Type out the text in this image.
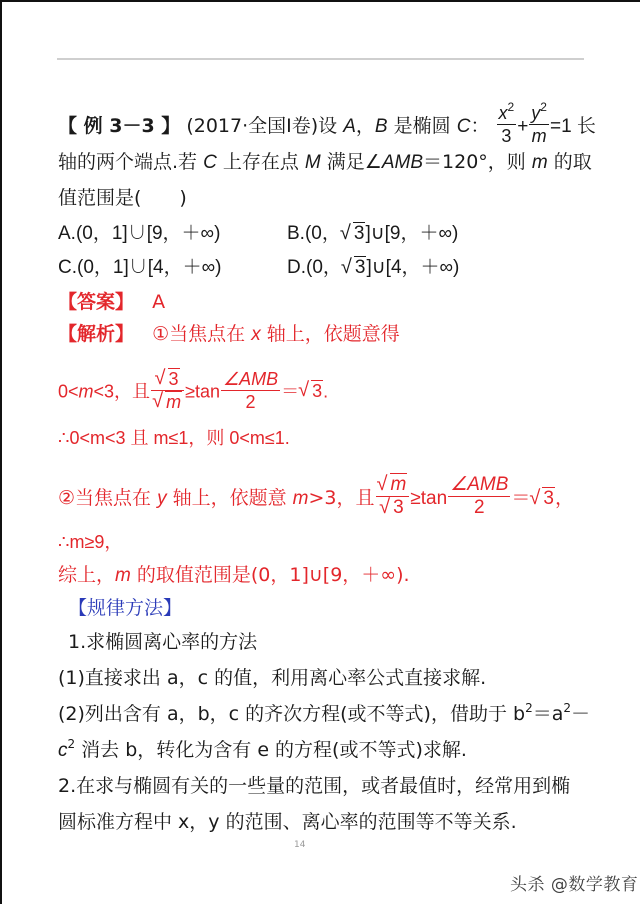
【 例 3－3 】 (2017·全国Ⅰ卷)设 A，B 是椭圆 C： $\frac{x^2}{3} + \frac{y^2}{m} =1$ 长
轴的两个端点.若 C 上存在点 M 满足∠AMB＝120°，则 m 的取
值范围是(　　)
A.(0，1]∪[9，＋∞)	B.(0， √ 3]∪[9，＋∞)
C.(0，1]∪[4，＋∞)	D.(0， √ 3]∪[4，＋∞)
【答案】 A
【解析】 ①当焦点在 x 轴上，依题意得
0<m<3，且 √ 3
√ $m \ge\tan \frac{\text{∠AMB}}{2}$ ＝ √ 3.
∴0<m<3 且 m≤1，则 0<m≤1.
②当焦点在 y 轴上，依题意 m>3，且 √ m
√ $3 \ge\tan \frac{\text{∠AMB}}{2}$ ＝ √ 3，
∴m≥9，
综上，m 的取值范围是(0，1]∪[9，＋∞).
【规律方法】
1.求椭圆离心率的方法
(1)直接求出 a，c 的值，利用离心率公式直接求解.
(2)列出含有 a，b，c 的齐次方程(或不等式)，借助于 $b^2=a^2-$
$c^2$ 消去 b，转化为含有 e 的方程(或不等式)求解.
2.在求与椭圆有关的一些量的范围，或者最值时，经常用到椭
圆标准方程中 x，y 的范围、离心率的范围等不等关系.
14
头杀 @数学教育
